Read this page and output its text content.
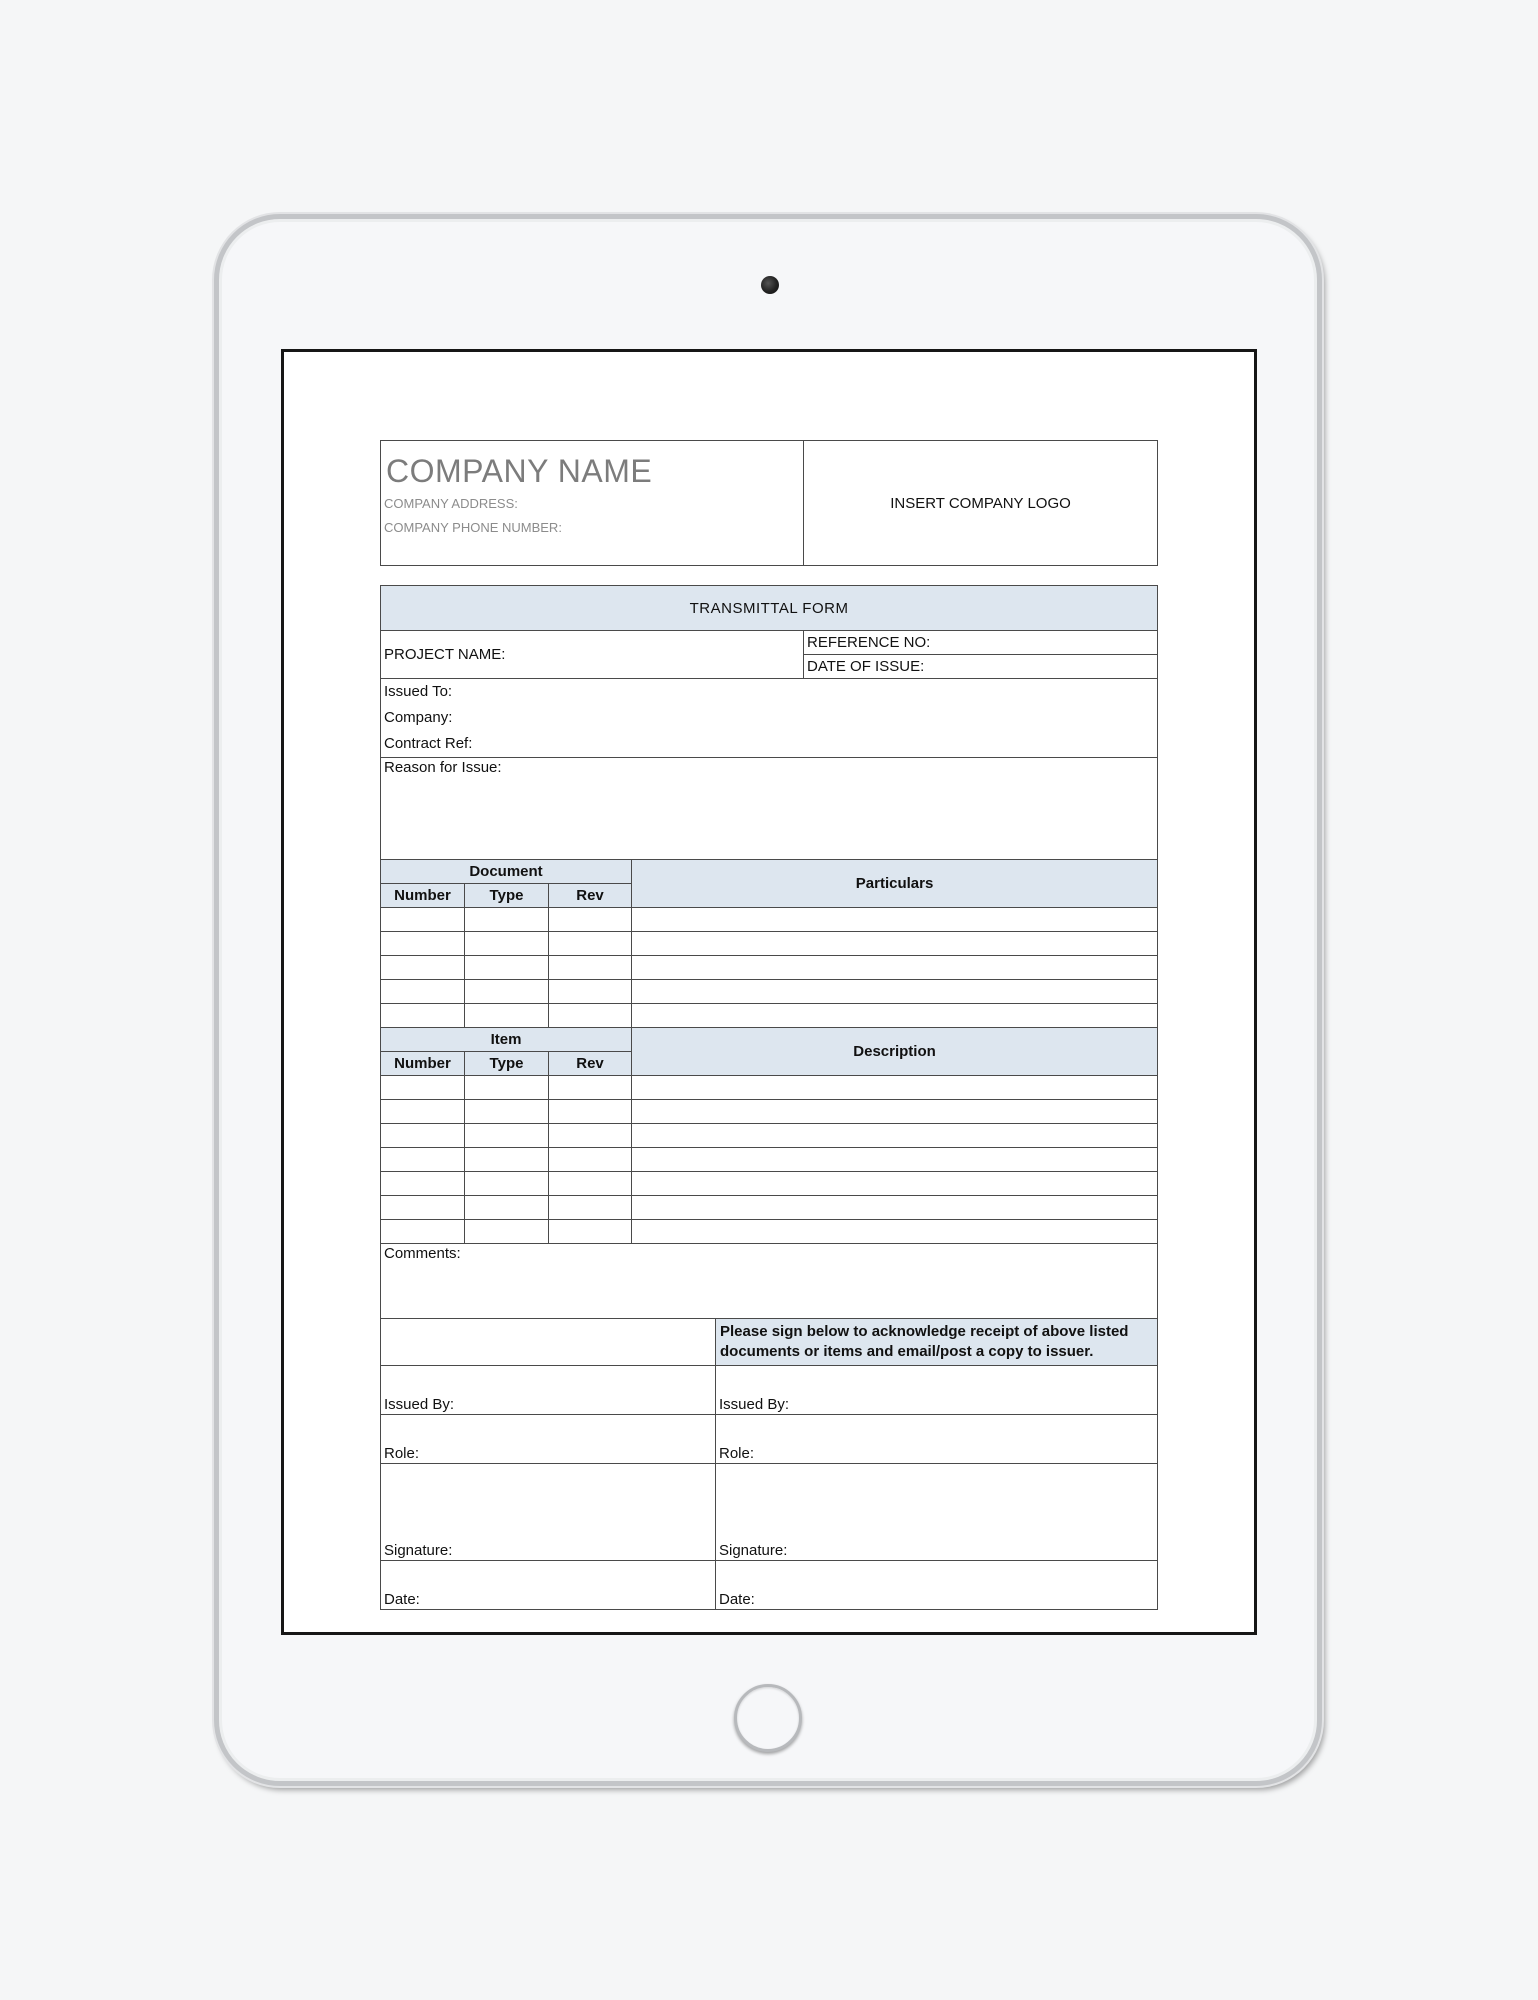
COMPANY NAME
COMPANY ADDRESS:
COMPANY PHONE NUMBER:
	INSERT COMPANY LOGO
TRANSMITTAL FORM				
PROJECT NAME:				REFERENCE NO:
				DATE OF ISSUE:

Issued To:
Company:
Contract Ref:				

Reason for Issue:				
Document			Particulars	
Number	Type	Rev		

Item			Description	
Number	Type	Rev		

Comments:				
	Please sign below to acknowledge receipt of above listed documents or items and email/post a copy to issuer.
Issued By:	Issued By:
Role:	Role:
Signature:	Signature:
Date:	Date:
